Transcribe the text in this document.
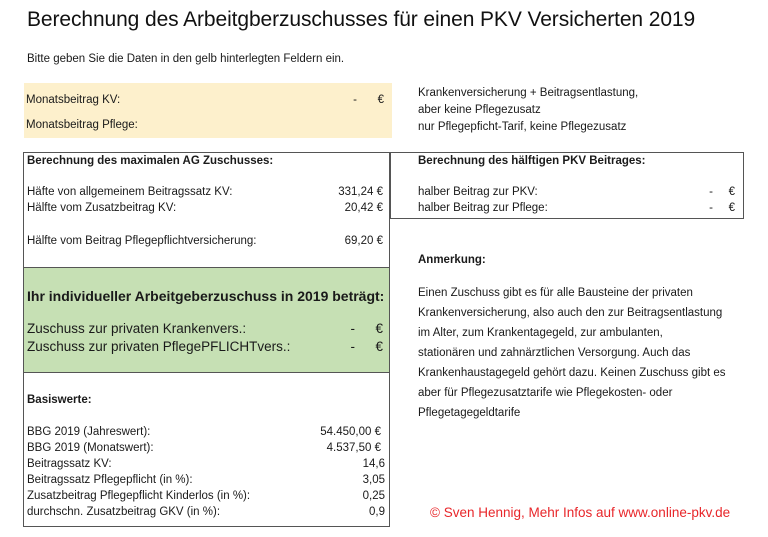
Berechnung des Arbeitgberzuschusses für einen PKV Versicherten 2019
Bitte geben Sie die Daten in den gelb hinterlegten Feldern ein.
Monatsbeitrag KV:	- €
Monatsbeitrag Pflege:
Krankenversicherung + Beitragsentlastung,
aber keine Pflegezusatz
nur Pflegepficht-Tarif, keine Pflegezusatz
Berechnung des maximalen AG Zuschusses:
Häfte von allgemeinem Beitragssatz KV:	331,24 €
Hälfte vom Zusatzbeitrag KV:	20,42 €
Hälfte vom Beitrag Pflegepflichtversicherung:	69,20 €
Ihr individueller Arbeitgeberzuschuss in 2019 beträgt:
Zuschuss zur privaten Krankenvers.:	- €
Zuschuss zur privaten PflegePFLICHTvers.:	- €
Basiswerte:
BBG 2019 (Jahreswert):	54.450,00 €
BBG 2019 (Monatswert):	4.537,50 €
Beitragssatz KV:	14,6
Beitragssatz Pflegepflicht (in %):	3,05
Zusatzbeitrag Pflegepflicht Kinderlos (in %):	0,25
durchschn. Zusatzbeitrag GKV (in %):	0,9
Berechnung des hälftigen PKV Beitrages:
halber Beitrag zur PKV:	- €
halber Beitrag zur Pflege:	- €
Anmerkung:
Einen Zuschuss gibt es für alle Bausteine der privaten
Krankenversicherung, also auch den zur Beitragsentlastung
im Alter, zum Krankentagegeld, zur ambulanten,
stationären und zahnärztlichen Versorgung. Auch das
Krankenhaustagegeld gehört dazu. Keinen Zuschuss gibt es
aber für Pflegezusatztarife wie Pflegekosten- oder
Pflegetagegeldtarife
© Sven Hennig, Mehr Infos auf www.online-pkv.de
